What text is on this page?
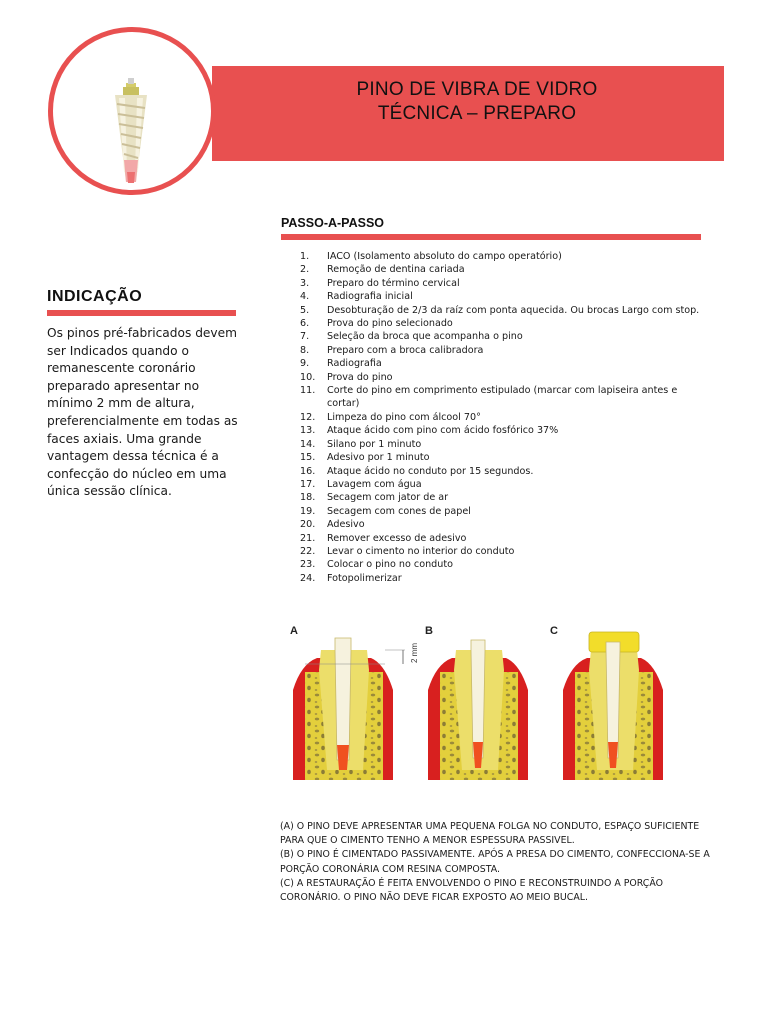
PINO DE VIBRA DE VIDRO
TÉCNICA – PREPARO
INDICAÇÃO
Os pinos pré-fabricados devem ser Indicados quando o remanescente coronário preparado apresentar no mínimo 2 mm de altura, preferencialmente em todas as faces axiais. Uma grande vantagem dessa técnica é a confecção do núcleo em uma única sessão clínica.
PASSO-A-PASSO
1.	IACO (Isolamento absoluto do campo operatório)
2.	Remoção de dentina cariada
3.	Preparo do término cervical
4.	Radiografia inicial
5.	Desobturação de 2/3 da raíz com ponta aquecida. Ou brocas Largo com stop.
6.	Prova do pino selecionado
7.	Seleção da broca que acompanha o pino
8.	Preparo com a broca calibradora
9.	Radiografia
10.	Prova do pino
11.	Corte do pino em comprimento estipulado (marcar com lapiseira antes e cortar)
12.	Limpeza do pino com álcool 70°
13.	Ataque ácido com pino com ácido fosfórico 37%
14.	Silano por 1 minuto
15.	Adesivo por 1 minuto
16.	Ataque ácido no conduto por 15 segundos.
17.	Lavagem com água
18.	Secagem com jator de ar
19.	Secagem com cones de papel
20.	Adesivo
21.	Remover excesso de adesivo
22.	Levar o cimento no interior do conduto
23.	Colocar o pino no conduto
24.	Fotopolimerizar
A
2 mm
B	C

(A) O PINO DEVE APRESENTAR UMA PEQUENA FOLGA NO CONDUTO, ESPAÇO SUFICIENTE PARA QUE O CIMENTO TENHO A MENOR ESPESSURA PASSIVEL.

(B) O PINO É CIMENTADO PASSIVAMENTE. APÓS A PRESA DO CIMENTO, CONFECCIONA-SE A PORÇÃO CORONÁRIA COM RESINA COMPOSTA.

(C) A RESTAURAÇÃO É FEITA ENVOLVENDO O PINO E RECONSTRUINDO A PORÇÃO CORONÁRIO. O PINO NÃO DEVE FICAR EXPOSTO AO MEIO BUCAL.
